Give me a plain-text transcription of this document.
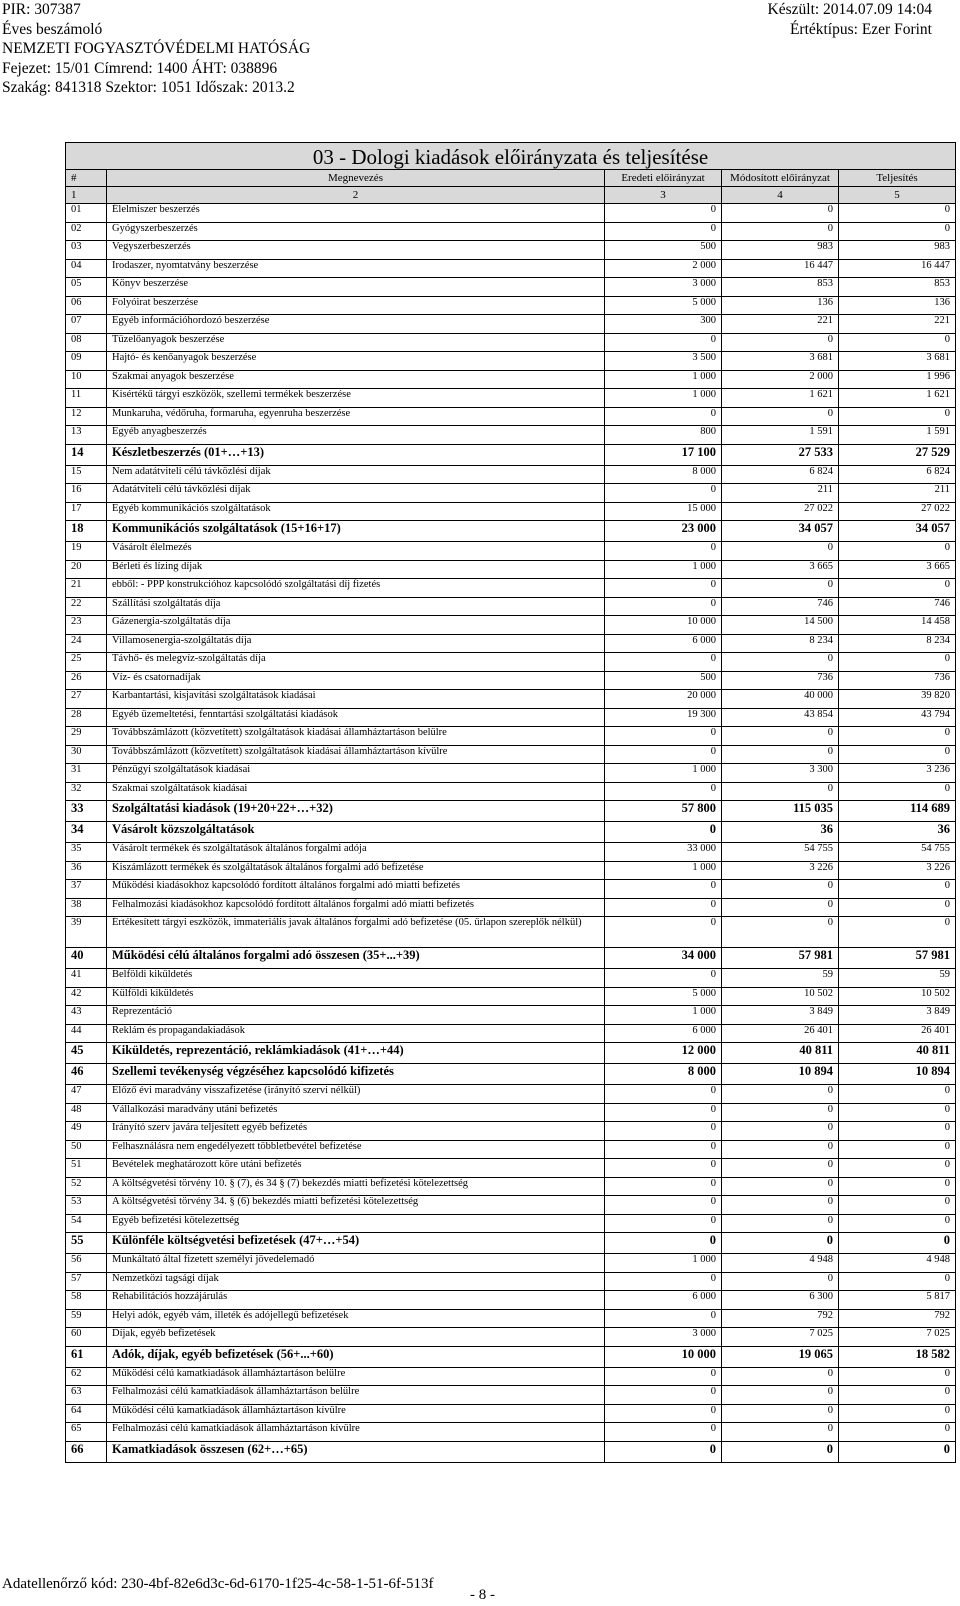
PIR: 307387
Éves beszámoló
NEMZETI FOGYASZTÓVÉDELMI HATÓSÁG
Fejezet: 15/01 Címrend: 1400 ÁHT: 038896
Szakág: 841318 Szektor: 1051 Időszak: 2013.2
Készült: 2014.07.09 14:04
Értéktípus: Ezer Forint
03 - Dologi kiadások előirányzata és teljesítése				
#	Megnevezés	Eredeti előirányzat	Módosított előirányzat	Teljesítés
1	2	3	4	5
01	Élelmiszer beszerzés	0	0	0
02	Gyógyszerbeszerzés	0	0	0
03	Vegyszerbeszerzés	500	983	983
04	Irodaszer, nyomtatvány beszerzése	2 000	16 447	16 447
05	Könyv beszerzése	3 000	853	853
06	Folyóirat beszerzése	5 000	136	136
07	Egyéb információhordozó beszerzése	300	221	221
08	Tüzelőanyagok beszerzése	0	0	0
09	Hajtó- és kenőanyagok beszerzése	3 500	3 681	3 681
10	Szakmai anyagok beszerzése	1 000	2 000	1 996
11	Kisértékű tárgyi eszközök, szellemi termékek beszerzése	1 000	1 621	1 621
12	Munkaruha, védőruha, formaruha, egyenruha beszerzése	0	0	0
13	Egyéb anyagbeszerzés	800	1 591	1 591
14	Készletbeszerzés (01+…+13)	17 100	27 533	27 529
15	Nem adatátviteli célú távközlési díjak	8 000	6 824	6 824
16	Adatátviteli célú távközlési díjak	0	211	211
17	Egyéb kommunikációs szolgáltatások	15 000	27 022	27 022
18	Kommunikációs szolgáltatások (15+16+17)	23 000	34 057	34 057
19	Vásárolt élelmezés	0	0	0
20	Bérleti és lízing díjak	1 000	3 665	3 665
21	ebből: - PPP konstrukcióhoz kapcsolódó szolgáltatási díj fizetés	0	0	0
22	Szállítási szolgáltatás díja	0	746	746
23	Gázenergia-szolgáltatás díja	10 000	14 500	14 458
24	Villamosenergia-szolgáltatás díja	6 000	8 234	8 234
25	Távhő- és melegvíz-szolgáltatás díja	0	0	0
26	Víz- és csatornadíjak	500	736	736
27	Karbantartási, kisjavítási szolgáltatások kiadásai	20 000	40 000	39 820
28	Egyéb üzemeltetési, fenntartási szolgáltatási kiadások	19 300	43 854	43 794
29	Továbbszámlázott (közvetített) szolgáltatások kiadásai államháztartáson belülre	0	0	0
30	Továbbszámlázott (közvetített) szolgáltatások kiadásai államháztartáson kívülre	0	0	0
31	Pénzügyi szolgáltatások kiadásai	1 000	3 300	3 236
32	Szakmai szolgáltatások kiadásai	0	0	0
33	Szolgáltatási kiadások (19+20+22+…+32)	57 800	115 035	114 689
34	Vásárolt közszolgáltatások	0	36	36
35	Vásárolt termékek és szolgáltatások általános forgalmi adója	33 000	54 755	54 755
36	Kiszámlázott termékek és szolgáltatások általános forgalmi adó befizetése	1 000	3 226	3 226
37	Működési kiadásokhoz kapcsolódó fordított általános forgalmi adó miatti befizetés	0	0	0
38	Felhalmozási kiadásokhoz kapcsolódó fordított általános forgalmi adó miatti befizetés	0	0	0
39	Értékesített tárgyi eszközök, immateriális javak általános forgalmi adó befizetése (05. űrlapon szereplők nélkül)	0	0	0
40	Működési célú általános forgalmi adó összesen (35+...+39)	34 000	57 981	57 981
41	Belföldi kiküldetés	0	59	59
42	Külföldi kiküldetés	5 000	10 502	10 502
43	Reprezentáció	1 000	3 849	3 849
44	Reklám és propagandakiadások	6 000	26 401	26 401
45	Kiküldetés, reprezentáció, reklámkiadások (41+…+44)	12 000	40 811	40 811
46	Szellemi tevékenység végzéséhez kapcsolódó kifizetés	8 000	10 894	10 894
47	Előző évi maradvány visszafizetése (irányító szervi nélkül)	0	0	0
48	Vállalkozási maradvány utáni befizetés	0	0	0
49	Irányító szerv javára teljesített egyéb befizetés	0	0	0
50	Felhasználásra nem engedélyezett többletbevétel befizetése	0	0	0
51	Bevételek meghatározott köre utáni befizetés	0	0	0
52	A költségvetési törvény 10. § (7), és 34 § (7) bekezdés miatti befizetési kötelezettség	0	0	0
53	A költségvetési törvény 34. § (6) bekezdés miatti befizetési kötelezettség	0	0	0
54	Egyéb befizetési kötelezettség	0	0	0
55	Különféle költségvetési befizetések (47+…+54)	0	0	0
56	Munkáltató által fizetett személyi jövedelemadó	1 000	4 948	4 948
57	Nemzetközi tagsági díjak	0	0	0
58	Rehabilitációs hozzájárulás	6 000	6 300	5 817
59	Helyi adók, egyéb vám, illeték és adójellegű befizetések	0	792	792
60	Díjak, egyéb befizetések	3 000	7 025	7 025
61	Adók, díjak, egyéb befizetések (56+...+60)	10 000	19 065	18 582
62	Működési célú kamatkiadások államháztartáson belülre	0	0	0
63	Felhalmozási célú kamatkiadások államháztartáson belülre	0	0	0
64	Működési célú kamatkiadások államháztartáson kívülre	0	0	0
65	Felhalmozási célú kamatkiadások államháztartáson kívülre	0	0	0
66	Kamatkiadások összesen (62+…+65)	0	0	0
Adatellenőrző kód: 230-4bf-82e6d3c-6d-6170-1f25-4c-58-1-51-6f-513f
- 8 -
